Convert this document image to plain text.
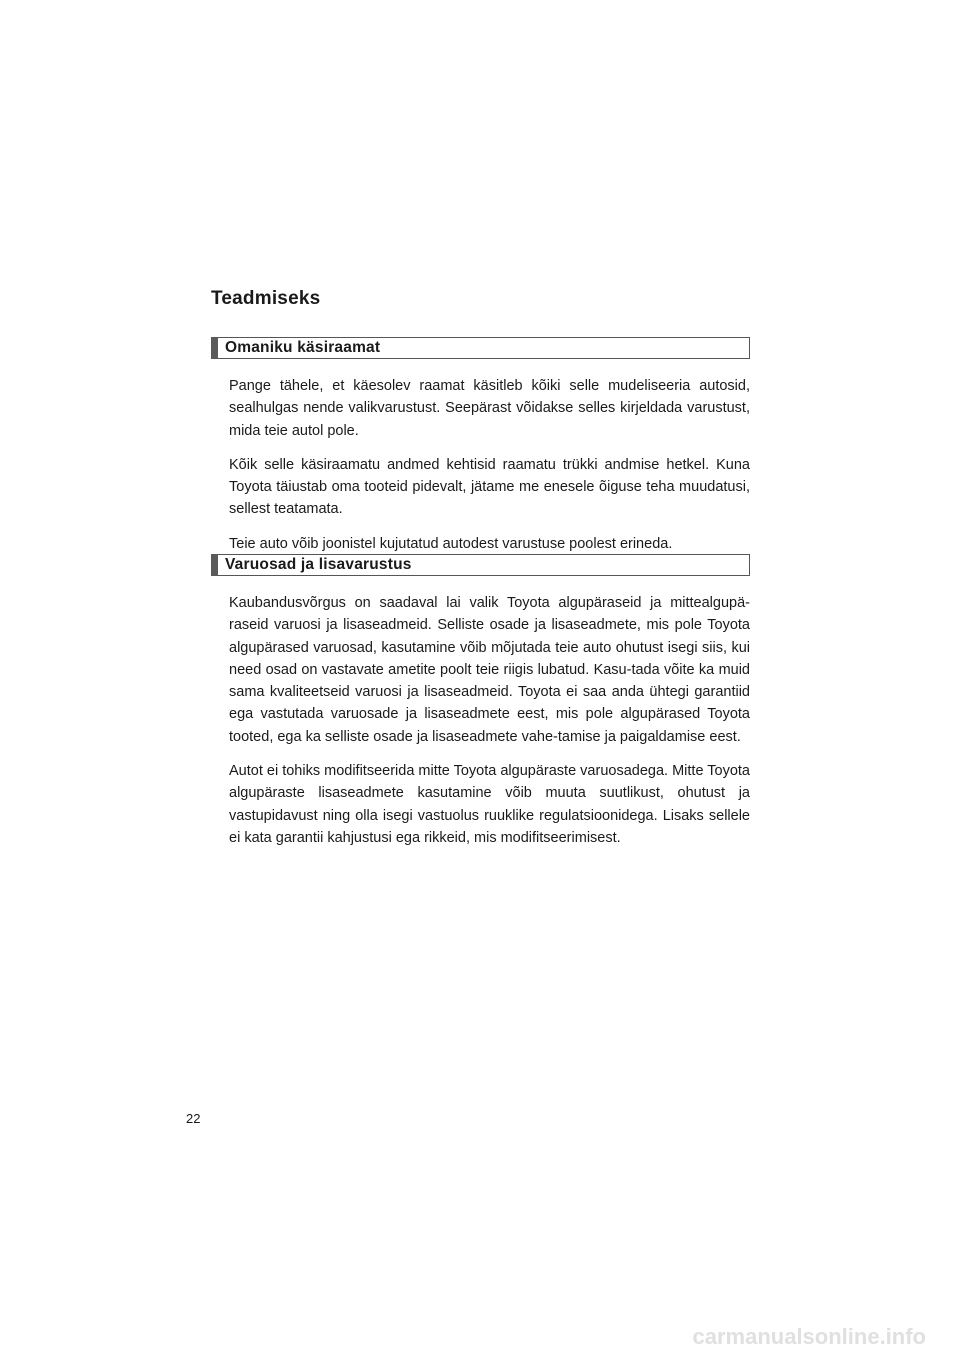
Teadmiseks
Omaniku käsiraamat

Pange tähele, et käesolev raamat käsitleb kõiki selle mudeliseeria autosid, sealhulgas nende valikvarustust. Seepärast võidakse selles kirjeldada varustust, mida teie autol pole.

Kõik selle käsiraamatu andmed kehtisid raamatu trükki andmise hetkel. Kuna Toyota täiustab oma tooteid pidevalt, jätame me enesele õiguse teha muudatusi, sellest teatamata.

Teie auto võib joonistel kujutatud autodest varustuse poolest erineda.

Varuosad ja lisavarustus

Kaubandusvõrgus on saadaval lai valik Toyota algupäraseid ja mittealgupä-raseid varuosi ja lisaseadmeid. Selliste osade ja lisaseadmete, mis pole Toyota algupärased varuosad, kasutamine võib mõjutada teie auto ohutust isegi siis, kui need osad on vastavate ametite poolt teie riigis lubatud. Kasu-tada võite ka muid sama kvaliteetseid varuosi ja lisaseadmeid. Toyota ei saa anda ühtegi garantiid ega vastutada varuosade ja lisaseadmete eest, mis pole algupärased Toyota tooted, ega ka selliste osade ja lisaseadmete vahe-tamise ja paigaldamise eest.

Autot ei tohiks modifitseerida mitte Toyota algupäraste varuosadega. Mitte Toyota algupäraste lisaseadmete kasutamine võib muuta suutlikust, ohutust ja vastupidavust ning olla isegi vastuolus ruuklike regulatsioonidega. Lisaks sellele ei kata garantii kahjustusi ega rikkeid, mis modifitseerimisest.

22

carmanualsonline.info
